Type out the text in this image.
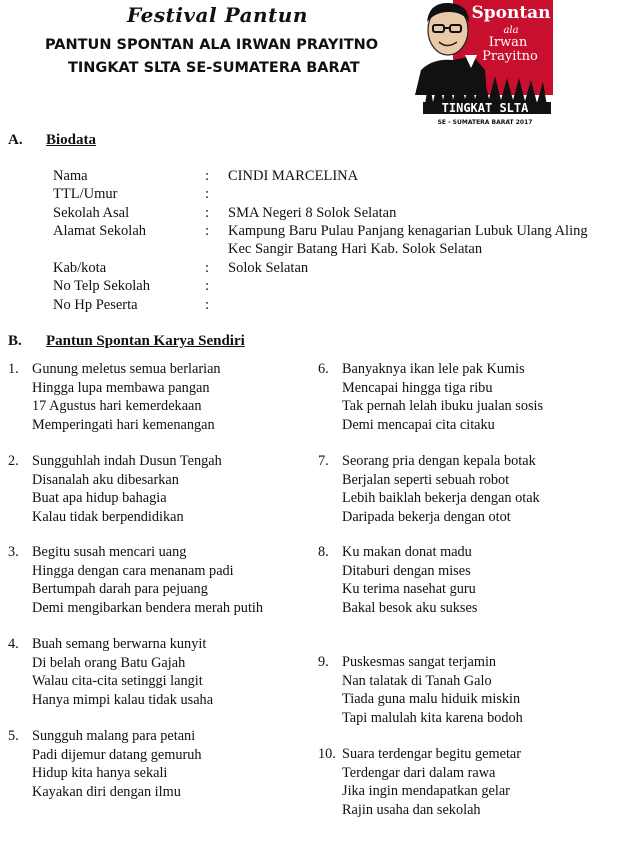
Festival Pantun
PANTUN SPONTAN ALA IRWAN PRAYITNO
TINGKAT SLTA SE-SUMATERA BARAT
Spontan
ala
Irwan
Prayitno
TINGKAT SLTA
SE - SUMATERA BARAT 2017
A. Biodata
Nama	: CINDI MARCELINA
TTL/Umur	:
Sekolah Asal	: SMA Negeri 8 Solok Selatan
Alamat Sekolah	: Kampung Baru Pulau Panjang kenagarian Lubuk Ulang Aling Kec Sangir Batang Hari Kab. Solok Selatan
Kab/kota	: Solok Selatan
No Telp Sekolah	:
No Hp Peserta	:
B. Pantun Spontan Karya Sendiri
1. Gunung meletus semua berlarian
Hingga lupa membawa pangan
17 Agustus hari kemerdekaan
Memperingati hari kemenangan
2. Sungguhlah indah Dusun Tengah
Disanalah aku dibesarkan
Buat apa hidup bahagia
Kalau tidak berpendidikan
3. Begitu susah mencari uang
Hingga dengan cara menanam padi
Bertumpah darah para pejuang
Demi mengibarkan bendera merah putih
4. Buah semang berwarna kunyit
Di belah orang Batu Gajah
Walau cita-cita setinggi langit
Hanya mimpi kalau tidak usaha
5. Sungguh malang para petani
Padi dijemur datang gemuruh
Hidup kita hanya sekali
Kayakan diri dengan ilmu
6. Banyaknya ikan lele pak Kumis
Mencapai hingga tiga ribu
Tak pernah lelah ibuku jualan sosis
Demi mencapai cita citaku
7. Seorang pria dengan kepala botak
Berjalan seperti sebuah robot
Lebih baiklah bekerja dengan otak
Daripada bekerja dengan otot
8. Ku makan donat madu
Ditaburi dengan mises
Ku terima nasehat guru
Bakal besok aku sukses
9. Puskesmas sangat terjamin
Nan talatak di Tanah Galo
Tiada guna malu hiduik miskin
Tapi malulah kita karena bodoh
10. Suara terdengar begitu gemetar
Terdengar dari dalam rawa
Jika ingin mendapatkan gelar
Rajin usaha dan sekolah
